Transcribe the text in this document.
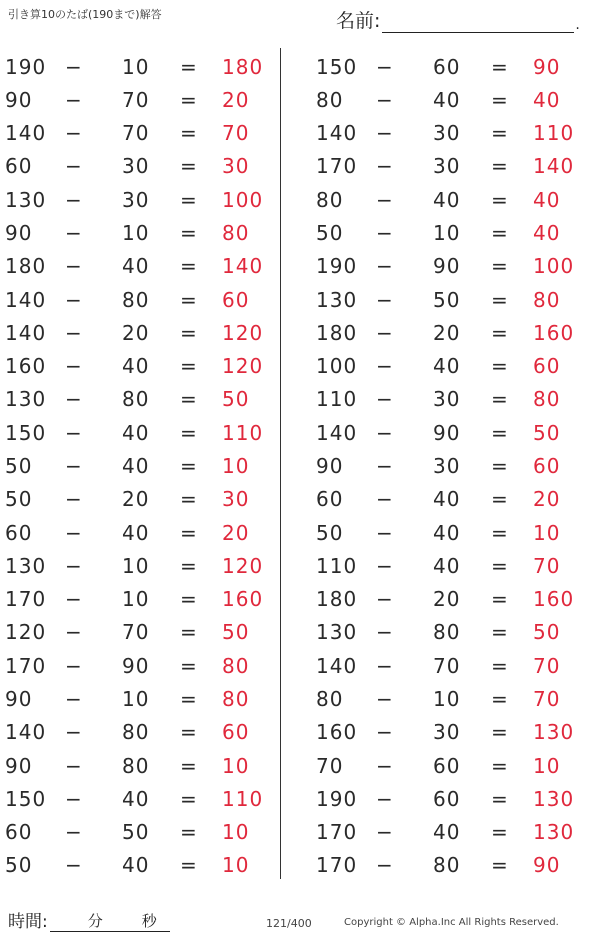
引き算10のたば(190まで)解答	名前:	.
190 −	10	=	180
90	−	70	=	20
140 −	70	=	70
60	−	30	=	30
130 −	30	=	100
90	−	10	=	80
180 −	40	=	140
140 −	80	=	60
140 −	20	=	120
160 −	40	=	120
130 −	80	=	50
150 −	40	=	110
50	−	40	=	10
50	−	20	=	30
60	−	40	=	20
130 −	10	=	120
170 −	10	=	160
120 −	70	=	50
170 −	90	=	80
90	−	10	=	80
140 −	80	=	60
90	−	80	=	10
150 −	40	=	110
60	−	50	=	10
50	−	40	=	10
150 −	60	=	90
80	−	40	=	40
140 −	30	=	110
170 −	30	=	140
80	−	40	=	40
50	−	10	=	40
190 −	90	=	100
130 −	50	=	80
180 −	20	=	160
100 −	40	=	60
110 −	30	=	80
140 −	90	=	50
90	−	30	=	60
60	−	40	=	20
50	−	40	=	10
110 −	40	=	70
180 −	20	=	160
130 −	80	=	50
140 −	70	=	70
80	−	10	=	70
160 −	30	=	130
70	−	60	=	10
190 −	60	=	130
170 −	40	=	130
170 −	80	=	90
時間:	分	秒	121/400	Copyright © Alpha.Inc All Rights Reserved.
